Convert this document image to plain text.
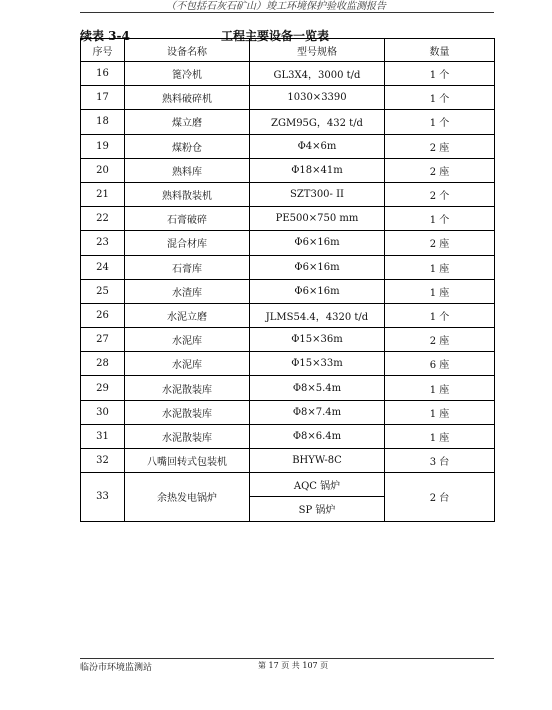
（不包括石灰石矿山）竣工环境保护验收监测报告
续表 3-4	工程主要设备一览表
序号	设备名称	型号规格	数量
16	篦冷机	GL3X4，3000 t/d	1 个
17	熟料破碎机	1030×3390	1 个
18	煤立磨	ZGM95G，432 t/d	1 个
19	煤粉仓	Φ4×6m	2 座
20	熟料库	Φ18×41m	2 座
21	熟料散装机	SZT300- II	2 个
22	石膏破碎	PE500×750 mm	1 个
23	混合材库	Φ6×16m	2 座
24	石膏库	Φ6×16m	1 座
25	水渣库	Φ6×16m	1 座
26	水泥立磨	JLMS54.4，4320 t/d	1 个
27	水泥库	Φ15×36m	2 座
28	水泥库	Φ15×33m	6 座
29	水泥散装库	Φ8×5.4m	1 座
30	水泥散装库	Φ8×7.4m	1 座
31	水泥散装库	Φ8×6.4m	1 座
32	八嘴回转式包装机	BHYW-8C	3 台
33	余热发电锅炉	AQC 锅炉	2 台
		SP 锅炉	
临汾市环境监测站	第 17 页 共 107 页
